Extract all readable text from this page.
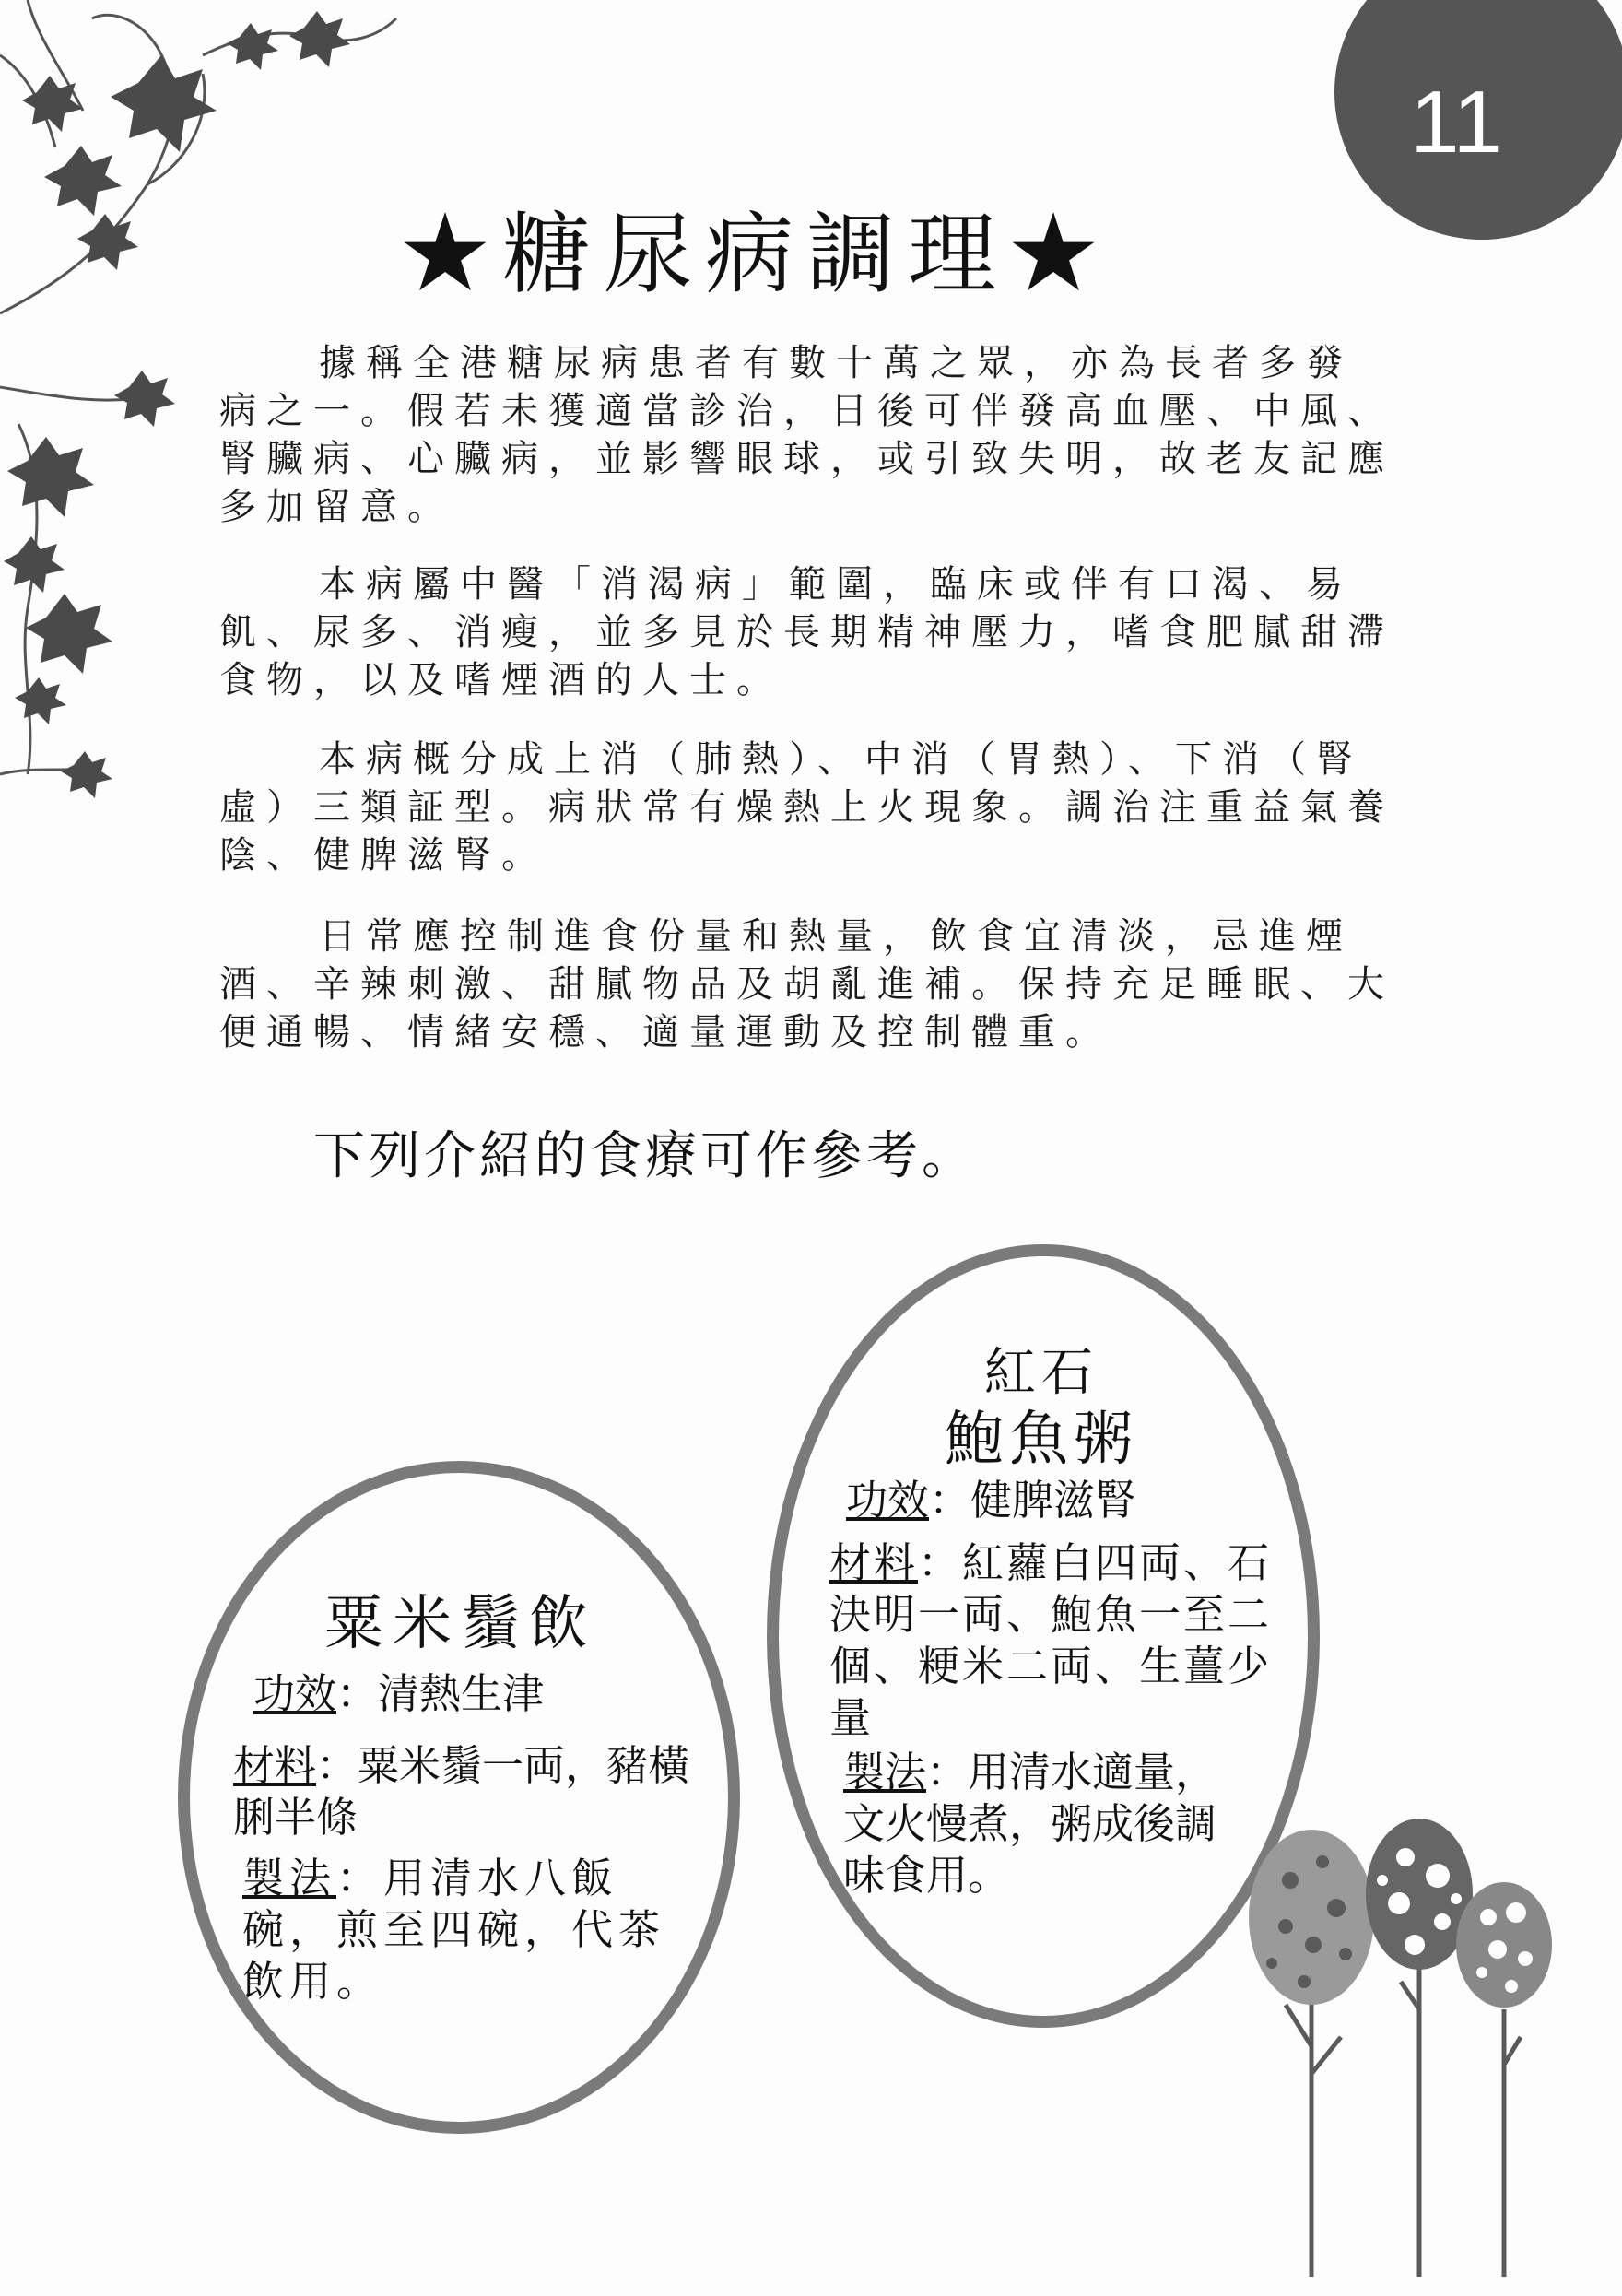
11
★糖尿病調理★

據稱全港糖尿病患者有數十萬之眾，亦為長者多發病之一。假若未獲適當診治，日後可伴發高血壓、中風、腎臟病、心臟病，並影響眼球，或引致失明，故老友記應多加留意。

本病屬中醫「消渴病」範圍，臨床或伴有口渴、易飢、尿多、消瘦，並多見於長期精神壓力，嗜食肥膩甜滯食物，以及嗜煙酒的人士。

本病概分成上消（肺熱）、中消（胃熱）、下消（腎虛）三類証型。病狀常有燥熱上火現象。調治注重益氣養陰、健脾滋腎。

日常應控制進食份量和熱量，飲食宜清淡，忌進煙酒、辛辣刺激、甜膩物品及胡亂進補。保持充足睡眠、大便通暢、情緒安穩、適量運動及控制體重。

下列介紹的食療可作參考。
粟米鬚飲

功效：清熱生津

材料：粟米鬚一両，豬橫脷半條

製法：用清水八飯碗，煎至四碗，代茶飲用。

紅石
鮑魚粥

功效：健脾滋腎

材料：紅蘿白四両、石決明一両、鮑魚一至二個、粳米二両、生薑少量

製法：用清水適量，文火慢煮，粥成後調味食用。
